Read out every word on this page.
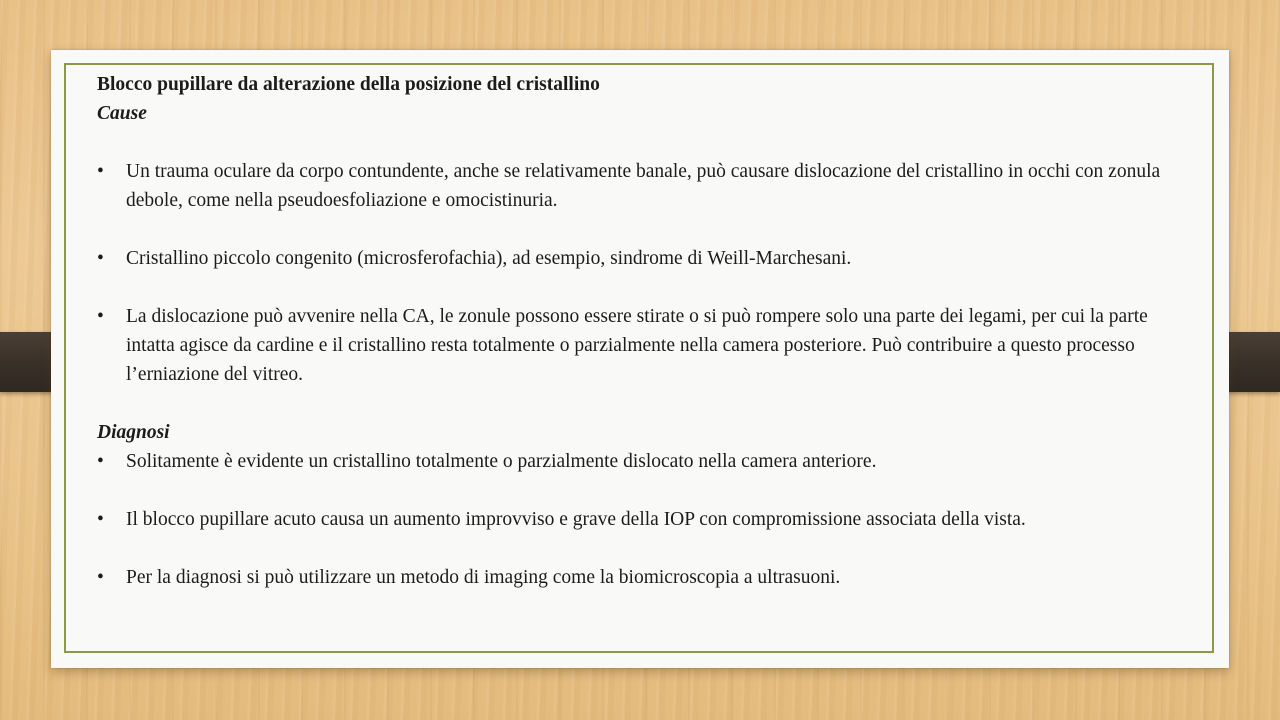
Blocco pupillare da alterazione della posizione del cristallino

Cause

• Un trauma oculare da corpo contundente, anche se relativamente banale, può causare dislocazione del cristallino in occhi con zonula debole, come nella pseudoesfoliazione e omocistinuria.
• Cristallino piccolo congenito (microsferofachia), ad esempio, sindrome di Weill-Marchesani.
• La dislocazione può avvenire nella CA, le zonule possono essere stirate o si può rompere solo una parte dei legami, per cui la parte intatta agisce da cardine e il cristallino resta totalmente o parzialmente nella camera posteriore. Può contribuire a questo processo l’erniazione del vitreo.

Diagnosi

• Solitamente è evidente un cristallino totalmente o parzialmente dislocato nella camera anteriore.
• Il blocco pupillare acuto causa un aumento improvviso e grave della IOP con compromissione associata della vista.
• Per la diagnosi si può utilizzare un metodo di imaging come la biomicroscopia a ultrasuoni.
